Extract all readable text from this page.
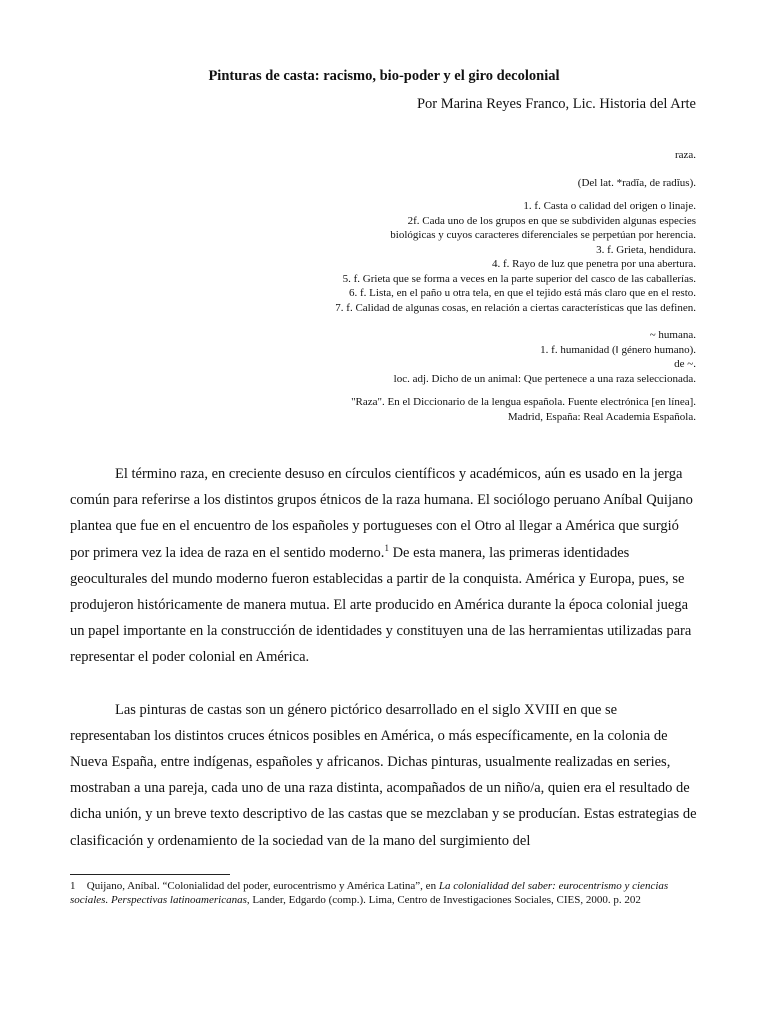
Pinturas de casta: racismo, bio-poder y el giro decolonial
Por Marina Reyes Franco, Lic. Historia del Arte
raza.
(Del lat. *radĭa, de radĭus).
1. f. Casta o calidad del origen o linaje.
2f. Cada uno de los grupos en que se subdividen algunas especies
biológicas y cuyos caracteres diferenciales se perpetúan por herencia.
3. f. Grieta, hendidura.
4. f. Rayo de luz que penetra por una abertura.
5. f. Grieta que se forma a veces en la parte superior del casco de las caballerías.
6. f. Lista, en el paño u otra tela, en que el tejido está más claro que en el resto.
7. f. Calidad de algunas cosas, en relación a ciertas características que las definen.
~ humana.
1. f. humanidad (‖ género humano).
de ~.
loc. adj. Dicho de un animal: Que pertenece a una raza seleccionada.
"Raza". En el Diccionario de la lengua española. Fuente electrónica [en línea].
Madrid, España: Real Academia Española.

El término raza, en creciente desuso en círculos científicos y académicos, aún es usado en la jerga común para referirse a los distintos grupos étnicos de la raza humana. El sociólogo peruano Aníbal Quijano plantea que fue en el encuentro de los españoles y portugueses con el Otro al llegar a América que surgió por primera vez la idea de raza en el sentido moderno.$^1$ De esta manera, las primeras identidades geoculturales del mundo moderno fueron establecidas a partir de la conquista. América y Europa, pues, se produjeron históricamente de manera mutua. El arte producido en América durante la época colonial juega un papel importante en la construcción de identidades y constituyen una de las herramientas utilizadas para representar el poder colonial en América.

Las pinturas de castas son un género pictórico desarrollado en el siglo XVIII en que se representaban los distintos cruces étnicos posibles en América, o más específicamente, en la colonia de Nueva España, entre indígenas, españoles y africanos. Dichas pinturas, usualmente realizadas en series, mostraban a una pareja, cada uno de una raza distinta, acompañados de un niño/a, quien era el resultado de dicha unión, y un breve texto descriptivo de las castas que se mezclaban y se producían. Estas estrategias de clasificación y ordenamiento de la sociedad van de la mano del surgimiento del

1 Quijano, Aníbal. “Colonialidad del poder, eurocentrismo y América Latina”, en La colonialidad del saber: eurocentrismo y ciencias sociales. Perspectivas latinoamericanas, Lander, Edgardo (comp.). Lima, Centro de Investigaciones Sociales, CIES, 2000. p. 202
